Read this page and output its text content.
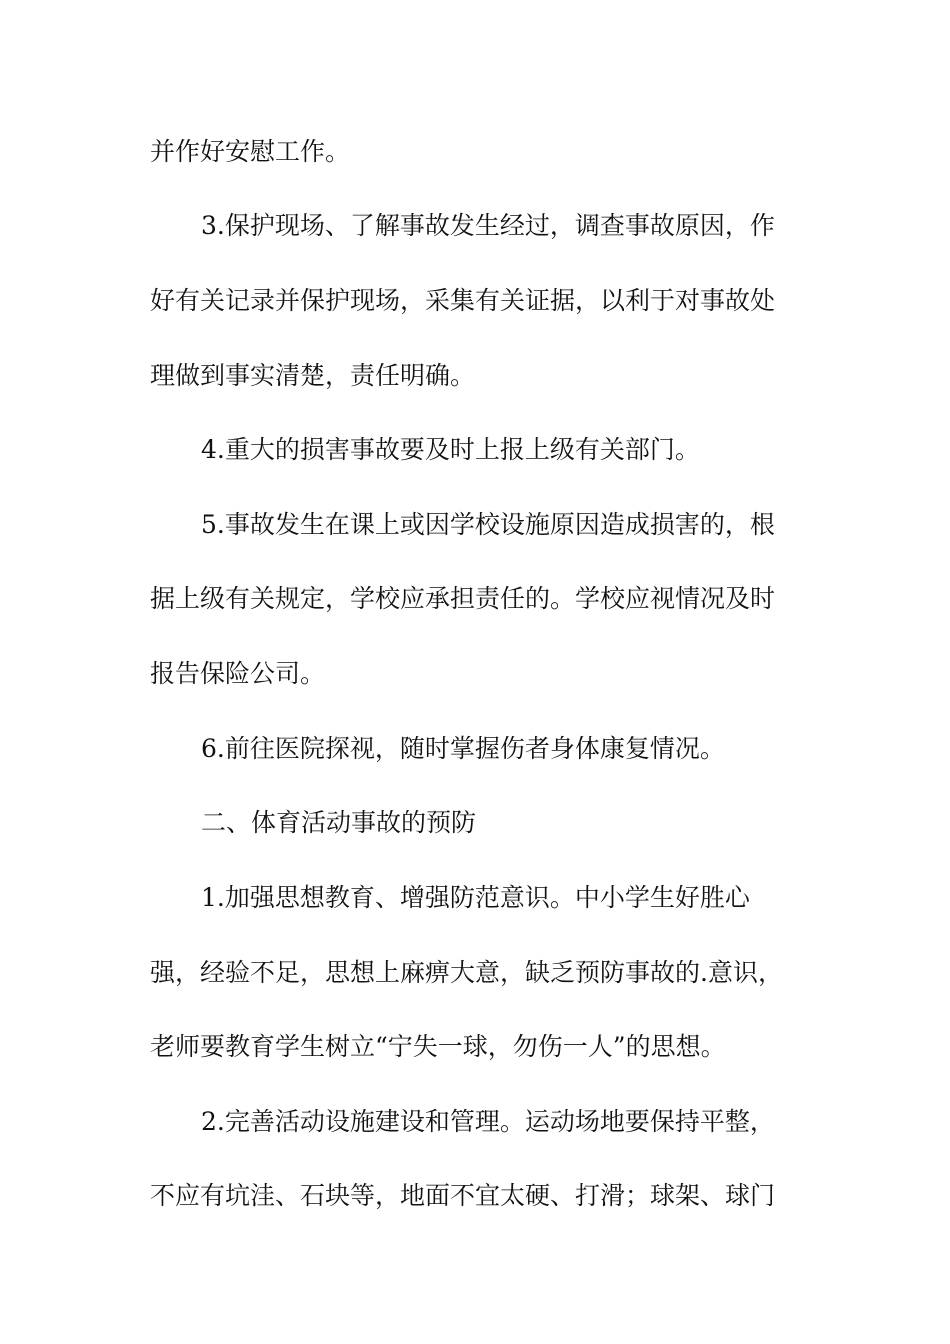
并作好安慰工作。
3.保护现场、了解事故发生经过，调查事故原因，作
好有关记录并保护现场，采集有关证据，以利于对事故处
理做到事实清楚，责任明确。
4.重大的损害事故要及时上报上级有关部门。
5.事故发生在课上或因学校设施原因造成损害的，根
据上级有关规定，学校应承担责任的。学校应视情况及时
报告保险公司。
6.前往医院探视，随时掌握伤者身体康复情况。
二、体育活动事故的预防
1.加强思想教育、增强防范意识。中小学生好胜心
强，经验不足，思想上麻痹大意，缺乏预防事故的.意识，
老师要教育学生树立“宁失一球，勿伤一人”的思想。
2.完善活动设施建设和管理。运动场地要保持平整，
不应有坑洼、石块等，地面不宜太硬、打滑；球架、球门
